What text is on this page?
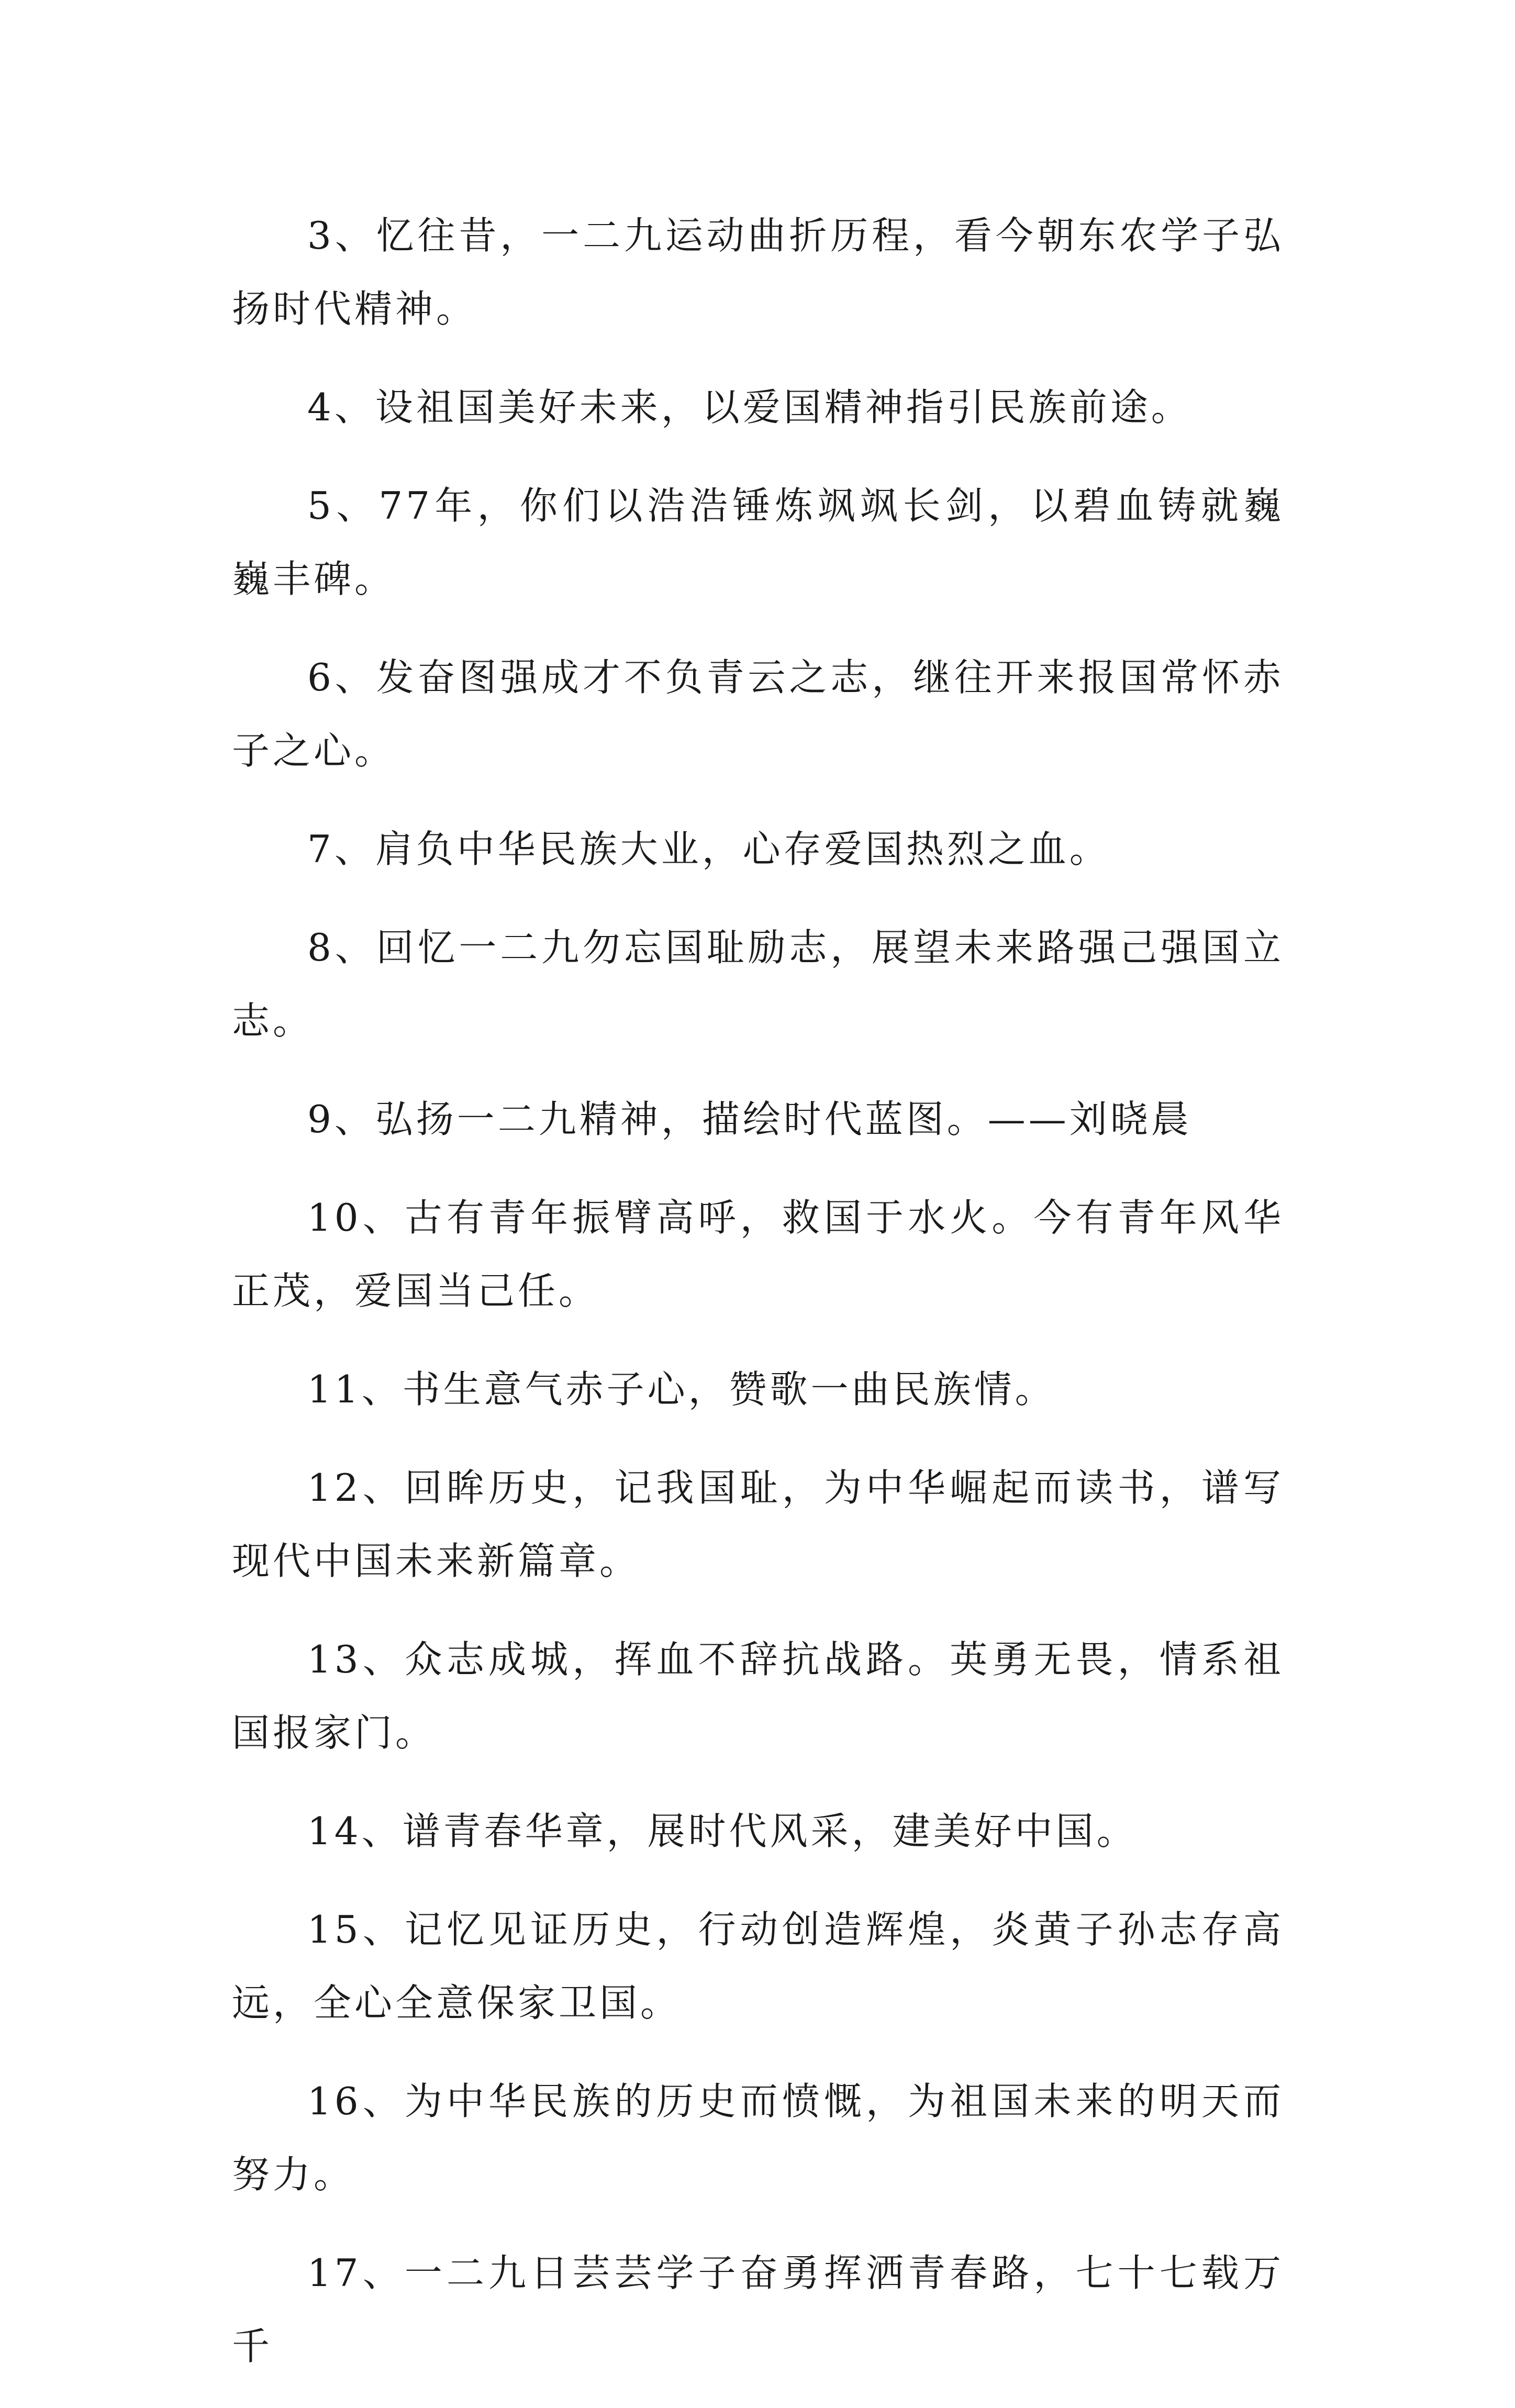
3、忆往昔，一二九运动曲折历程，看今朝东农学子弘扬时代精神。

4、设祖国美好未来，以爱国精神指引民族前途。

5、77年，你们以浩浩锤炼飒飒长剑，以碧血铸就巍巍丰碑。

6、发奋图强成才不负青云之志，继往开来报国常怀赤子之心。

7、肩负中华民族大业，心存爱国热烈之血。

8、回忆一二九勿忘国耻励志，展望未来路强己强国立志。

9、弘扬一二九精神，描绘时代蓝图。——刘晓晨

10、古有青年振臂高呼，救国于水火。今有青年风华正茂，爱国当己任。

11、书生意气赤子心，赞歌一曲民族情。

12、回眸历史，记我国耻，为中华崛起而读书，谱写现代中国未来新篇章。

13、众志成城，挥血不辞抗战路。英勇无畏，情系祖国报家门。

14、谱青春华章，展时代风采，建美好中国。

15、记忆见证历史，行动创造辉煌，炎黄子孙志存高远，全心全意保家卫国。

16、为中华民族的历史而愤慨，为祖国未来的明天而努力。

17、一二九日芸芸学子奋勇挥洒青春路，七十七载万千
